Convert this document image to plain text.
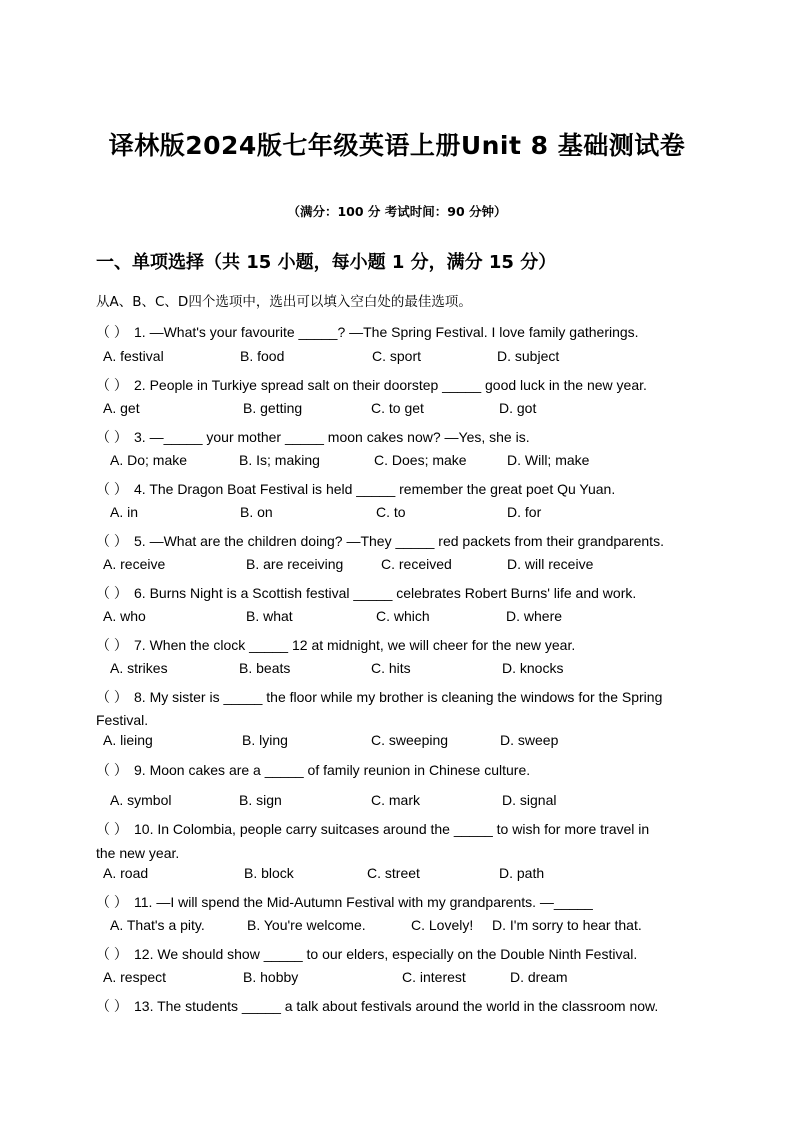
译林版2024版七年级英语上册Unit 8 基础测试卷
（满分：100 分 考试时间：90 分钟）
一、单项选择（共 15 小题，每小题 1 分，满分 15 分）
从A、B、C、D四个选项中，选出可以填入空白处的最佳选项。
（ ） 1. —What's your favourite _____? —The Spring Festival. I love family gatherings.
A. festival	B. food	C. sport	D. subject
（ ） 2. People in Turkiye spread salt on their doorstep _____ good luck in the new year.
A. get	B. getting	C. to get	D. got
（ ） 3. —_____ your mother _____ moon cakes now? —Yes, she is.
A. Do; make	B. Is; making	C. Does; make	D. Will; make
（ ） 4. The Dragon Boat Festival is held _____ remember the great poet Qu Yuan.
A. in	B. on	C. to	D. for
（ ） 5. —What are the children doing? —They _____ red packets from their grandparents.
A. receive	B. are receiving	C. received	D. will receive
（ ） 6. Burns Night is a Scottish festival _____ celebrates Robert Burns' life and work.
A. who	B. what	C. which	D. where
（ ） 7. When the clock _____ 12 at midnight, we will cheer for the new year.
A. strikes	B. beats	C. hits	D. knocks
（ ） 8. My sister is _____ the floor while my brother is cleaning the windows for the Spring
Festival.
A. lieing	B. lying	C. sweeping	D. sweep
（ ） 9. Moon cakes are a _____ of family reunion in Chinese culture.
A. symbol	B. sign	C. mark	D. signal
（ ） 10. In Colombia, people carry suitcases around the _____ to wish for more travel in
the new year.
A. road	B. block	C. street	D. path
（ ） 11. —I will spend the Mid-Autumn Festival with my grandparents. —_____
A. That's a pity.	B. You're welcome.	C. Lovely! D. I'm sorry to hear that.
（ ） 12. We should show _____ to our elders, especially on the Double Ninth Festival.
A. respect	B. hobby	C. interest	D. dream
（ ） 13. The students _____ a talk about festivals around the world in the classroom now.
